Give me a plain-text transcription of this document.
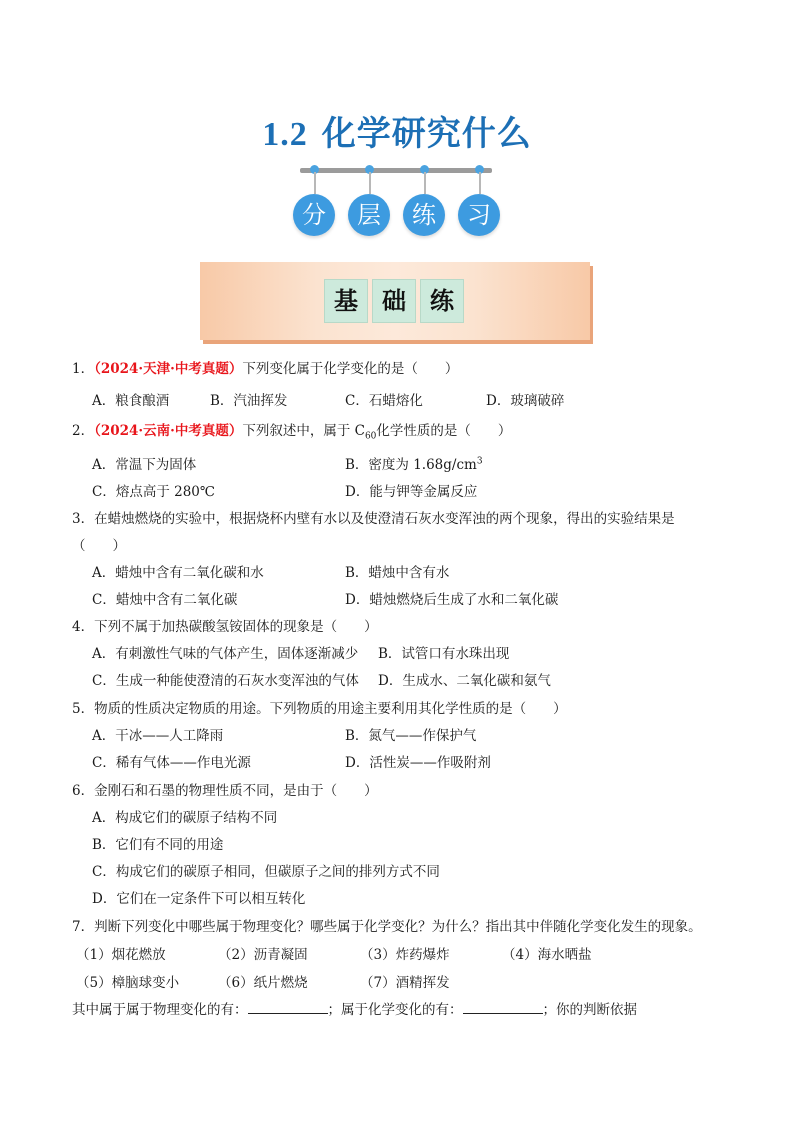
1.2 化学研究什么
分	层	练	习
基	础	练
1．（2024·天津·中考真题）下列变化属于化学变化的是（　　）
A．粮食酿酒	B．汽油挥发	C．石蜡熔化	D．玻璃破碎
2．（2024·云南·中考真题）下列叙述中，属于 $C_{60}$化学性质的是（　　）
A．常温下为固体	B．密度为 $1.68g/cm^3$
C．熔点高于 280℃	D．能与钾等金属反应
3．在蜡烛燃烧的实验中，根据烧杯内壁有水以及使澄清石灰水变浑浊的两个现象，得出的实验结果是
（　　）
A．蜡烛中含有二氧化碳和水	B．蜡烛中含有水
C．蜡烛中含有二氧化碳	D．蜡烛燃烧后生成了水和二氧化碳
4．下列不属于加热碳酸氢铵固体的现象是（　　）
A．有刺激性气味的气体产生，固体逐渐减少 B．试管口有水珠出现
C．生成一种能使澄清的石灰水变浑浊的气体 D．生成水、二氧化碳和氨气
5．物质的性质决定物质的用途。下列物质的用途主要利用其化学性质的是（　　）
A．干冰——人工降雨	B．氮气——作保护气
C．稀有气体——作电光源	D．活性炭——作吸附剂
6．金刚石和石墨的物理性质不同，是由于（　　）
A．构成它们的碳原子结构不同
B．它们有不同的用途
C．构成它们的碳原子相同，但碳原子之间的排列方式不同
D．它们在一定条件下可以相互转化
7．判断下列变化中哪些属于物理变化？哪些属于化学变化？为什么？指出其中伴随化学变化发生的现象。
（1）烟花燃放	（2）沥青凝固	（3）炸药爆炸	（4）海水晒盐
（5）樟脑球变小	（6）纸片燃烧	（7）酒精挥发
其中属于属于物理变化的有：	；属于化学变化的有：	；你的判断依据
